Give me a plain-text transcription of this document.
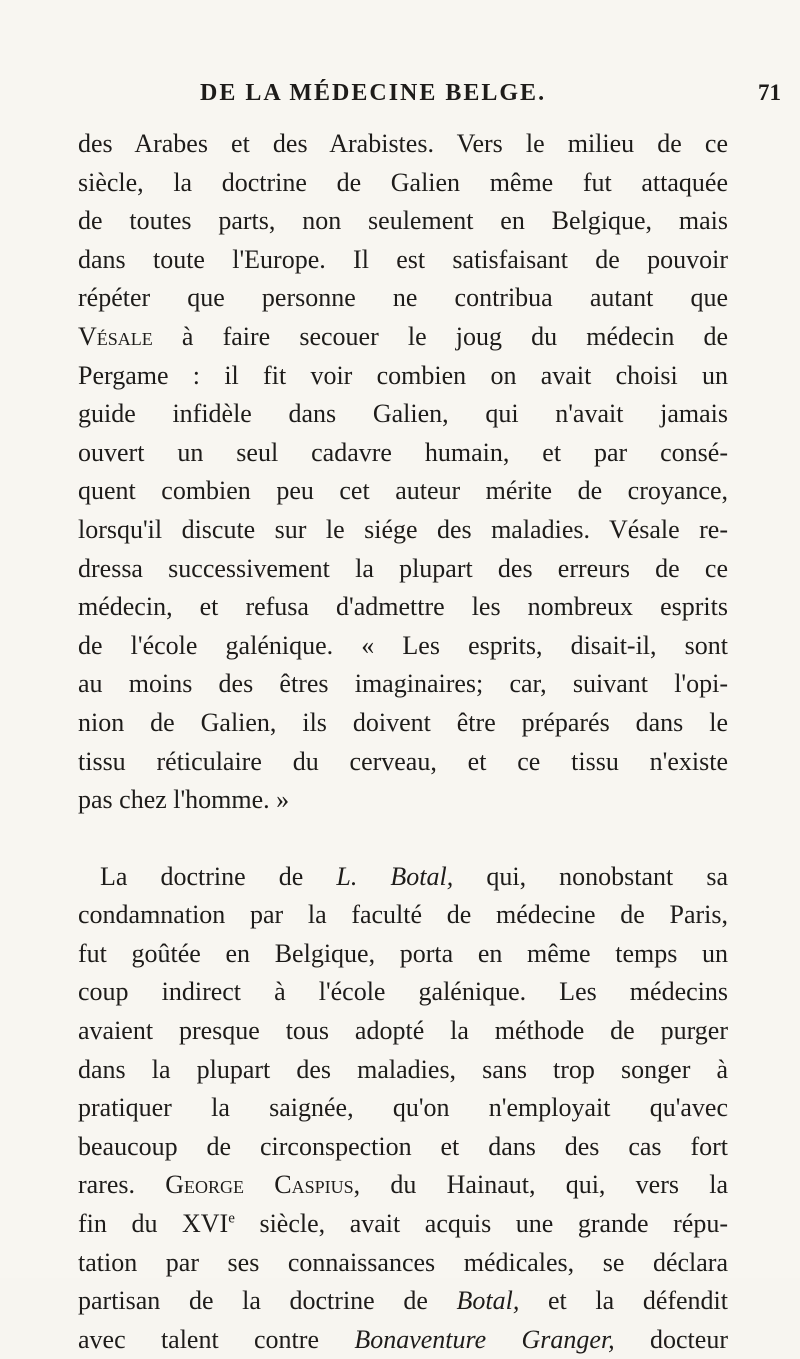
DE LA MÉDECINE BELGE.	71
des Arabes et des Arabistes. Vers le milieu de ce
siècle, la doctrine de Galien même fut attaquée
de toutes parts, non seulement en Belgique, mais
dans toute l'Europe. Il est satisfaisant de pouvoir
répéter que personne ne contribua autant que
Vésale à faire secouer le joug du médecin de
Pergame : il fit voir combien on avait choisi un
guide infidèle dans Galien, qui n'avait jamais
ouvert un seul cadavre humain, et par consé-
quent combien peu cet auteur mérite de croyance,
lorsqu'il discute sur le siége des maladies. Vésale re-
dressa successivement la plupart des erreurs de ce
médecin, et refusa d'admettre les nombreux esprits
de l'école galénique. « Les esprits, disait-il, sont
au moins des êtres imaginaires; car, suivant l'opi-
nion de Galien, ils doivent être préparés dans le
tissu réticulaire du cerveau, et ce tissu n'existe
pas chez l'homme. »
La doctrine de L. Botal, qui, nonobstant sa
condamnation par la faculté de médecine de Paris,
fut goûtée en Belgique, porta en même temps un
coup indirect à l'école galénique. Les médecins
avaient presque tous adopté la méthode de purger
dans la plupart des maladies, sans trop songer à
pratiquer la saignée, qu'on n'employait qu'avec
beaucoup de circonspection et dans des cas fort
rares. George Caspius, du Hainaut, qui, vers la
fin du XVIe siècle, avait acquis une grande répu-
tation par ses connaissances médicales, se déclara
partisan de la doctrine de Botal, et la défendit
avec talent contre Bonaventure Granger, docteur
